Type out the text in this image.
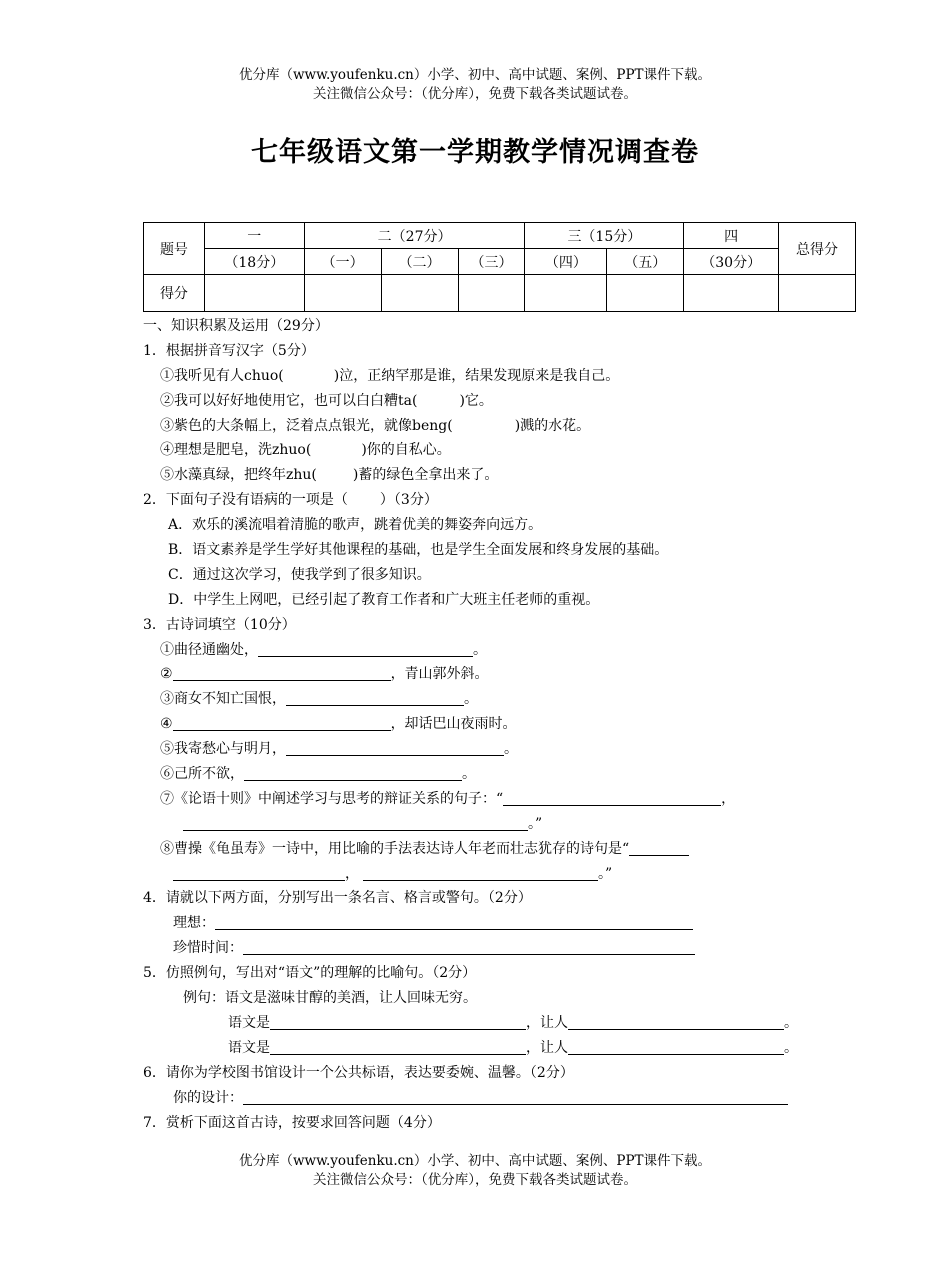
优分库（www.youfenku.cn）小学、初中、高中试题、案例、PPT课件下载。
关注微信公众号：（优分库），免费下载各类试题试卷。
七年级语文第一学期教学情况调查卷
题号	一	二（27分）			三（15分）		四	总得分
	（18分）	（一）	（二）	（三）	（四）	（五）	（30分）	
得分								
一、知识积累及运用（29分）
1．根据拼音写汉字（5分）
①我听见有人chuo(	)泣，正纳罕那是谁，结果发现原来是我自己。
②我可以好好地使用它，也可以白白糟ta(	)它。
③紫色的大条幅上，泛着点点银光，就像beng(	)溅的水花。
④理想是肥皂，洗zhuo(	)你的自私心。
⑤水藻真绿，把终年zhu(	)蓄的绿色全拿出来了。
2．下面句子没有语病的一项是（ ）（3分）
A．欢乐的溪流唱着清脆的歌声，跳着优美的舞姿奔向远方。
B．语文素养是学生学好其他课程的基础，也是学生全面发展和终身发展的基础。
C．通过这次学习，使我学到了很多知识。
D．中学生上网吧，已经引起了教育工作者和广大班主任老师的重视。
3．古诗词填空（10分）
①曲径通幽处，	。
②	，青山郭外斜。
③商女不知亡国恨，	。
④	，却话巴山夜雨时。
⑤我寄愁心与明月，	。
⑥己所不欲，	。
⑦《论语十则》中阐述学习与思考的辩证关系的句子：“	，
。”
⑧曹操《龟虽寿》一诗中，用比喻的手法表达诗人年老而壮志犹存的诗句是“
，	。”
4．请就以下两方面，分别写出一条名言、格言或警句。（2分）
理想：
珍惜时间：
5．仿照例句，写出对“语文”的理解的比喻句。（2分）
例句：语文是滋味甘醇的美酒，让人回味无穷。
语文是	，让人	。
语文是	，让人	。
6．请你为学校图书馆设计一个公共标语，表达要委婉、温馨。（2分）
你的设计：
7．赏析下面这首古诗，按要求回答问题（4分）
优分库（www.youfenku.cn）小学、初中、高中试题、案例、PPT课件下载。
关注微信公众号：（优分库），免费下载各类试题试卷。
